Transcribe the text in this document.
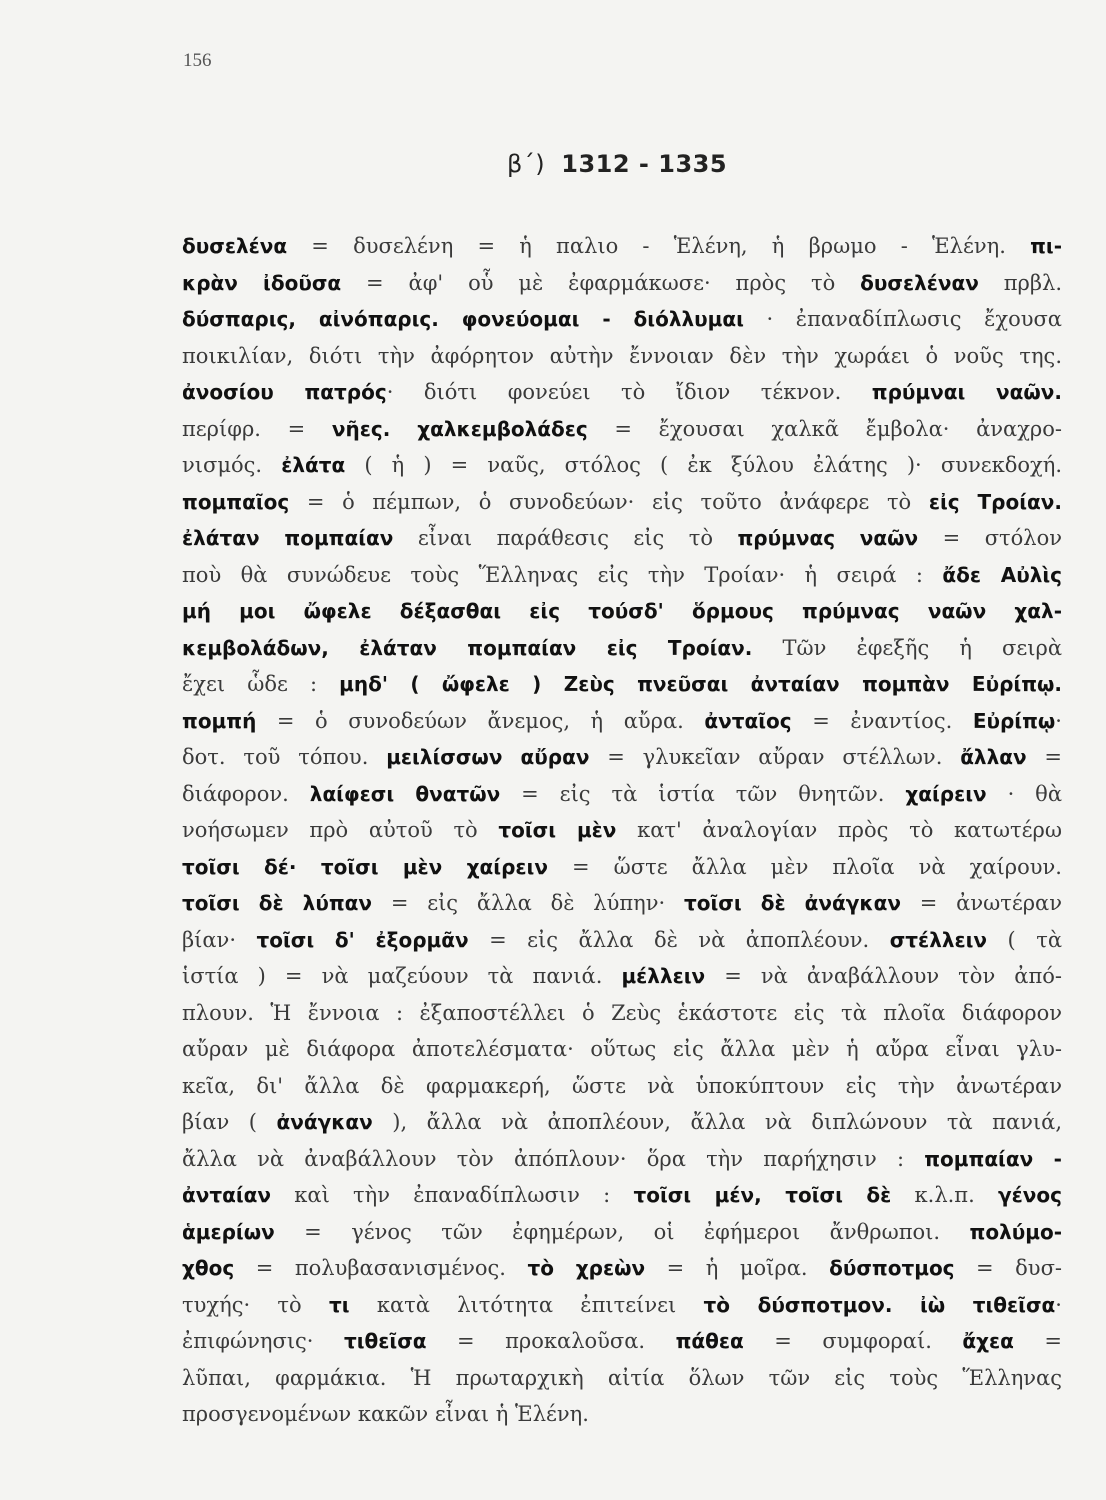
156
β΄) 1312 - 1335
δυσελένα = δυσελένη = ἡ παλιο - Ἑλένη, ἡ βρωμο - Ἑλένη. πι-
κρὰν ἰδοῦσα = ἀφ' οὗ μὲ ἐφαρμάκωσε· πρὸς τὸ δυσελέναν πρβλ.
δύσπαρις, αἰνόπαρις. φονεύομαι - διόλλυμαι · ἐπαναδίπλωσις ἔχουσα
ποικιλίαν, διότι τὴν ἀφόρητον αὐτὴν ἔννοιαν δὲν τὴν χωράει ὁ νοῦς της.
ἀνοσίου πατρός· διότι φονεύει τὸ ἴδιον τέκνον. πρύμναι ναῶν.
περίφρ. = νῆες. χαλκεμβολάδες = ἔχουσαι χαλκᾶ ἔμβολα· ἀναχρο-
νισμός. ἐλάτα ( ἡ ) = ναῦς, στόλος ( ἐκ ξύλου ἐλάτης )· συνεκδοχή.
πομπαῖος = ὁ πέμπων, ὁ συνοδεύων· εἰς τοῦτο ἀνάφερε τὸ εἰς Τροίαν.
ἐλάταν πομπαίαν εἶναι παράθεσις εἰς τὸ πρύμνας ναῶν = στόλον
ποὺ θὰ συνώδευε τοὺς Ἕλληνας εἰς τὴν Τροίαν· ἡ σειρά : ἄδε Αὐλὶς
μή μοι ὤφελε δέξασθαι εἰς τούσδ' ὅρμους πρύμνας ναῶν χαλ-
κεμβολάδων, ἐλάταν πομπαίαν εἰς Τροίαν. Τῶν ἐφεξῆς ἡ σειρὰ
ἔχει ὧδε : μηδ' ( ὤφελε ) Ζεὺς πνεῦσαι ἀνταίαν πομπὰν Εὐρίπῳ.
πομπή = ὁ συνοδεύων ἄνεμος, ἡ αὔρα. ἀνταῖος = ἐναντίος. Εὐρίπῳ·
δοτ. τοῦ τόπου. μειλίσσων αὔραν = γλυκεῖαν αὔραν στέλλων. ἄλλαν =
διάφορον. λαίφεσι θνατῶν = εἰς τὰ ἱστία τῶν θνητῶν. χαίρειν · θὰ
νοήσωμεν πρὸ αὐτοῦ τὸ τοῖσι μὲν κατ' ἀναλογίαν πρὸς τὸ κατωτέρω
τοῖσι δέ· τοῖσι μὲν χαίρειν = ὥστε ἄλλα μὲν πλοῖα νὰ χαίρουν.
τοῖσι δὲ λύπαν = εἰς ἄλλα δὲ λύπην· τοῖσι δὲ ἀνάγκαν = ἀνωτέραν
βίαν· τοῖσι δ' ἐξορμᾶν = εἰς ἄλλα δὲ νὰ ἀποπλέουν. στέλλειν ( τὰ
ἱστία ) = νὰ μαζεύουν τὰ πανιά. μέλλειν = νὰ ἀναβάλλουν τὸν ἀπό-
πλουν. Ἡ ἔννοια : ἐξαποστέλλει ὁ Ζεὺς ἑκάστοτε εἰς τὰ πλοῖα διάφορον
αὔραν μὲ διάφορα ἀποτελέσματα· οὕτως εἰς ἄλλα μὲν ἡ αὔρα εἶναι γλυ-
κεῖα, δι' ἄλλα δὲ φαρμακερή, ὥστε νὰ ὑποκύπτουν εἰς τὴν ἀνωτέραν
βίαν ( ἀνάγκαν ), ἄλλα νὰ ἀποπλέουν, ἄλλα νὰ διπλώνουν τὰ πανιά,
ἄλλα νὰ ἀναβάλλουν τὸν ἀπόπλουν· ὅρα τὴν παρήχησιν : πομπαίαν -
ἀνταίαν καὶ τὴν ἐπαναδίπλωσιν : τοῖσι μέν, τοῖσι δὲ κ.λ.π. γένος
ἁμερίων = γένος τῶν ἐφημέρων, οἱ ἐφήμεροι ἄνθρωποι. πολύμο-
χθος = πολυβασανισμένος. τὸ χρεὼν = ἡ μοῖρα. δύσποτμος = δυσ-
τυχής· τὸ τι κατὰ λιτότητα ἐπιτείνει τὸ δύσποτμον. ἰὼ τιθεῖσα·
ἐπιφώνησις· τιθεῖσα = προκαλοῦσα. πάθεα = συμφοραί. ἄχεα =
λῦπαι, φαρμάκια. Ἡ πρωταρχικὴ αἰτία ὅλων τῶν εἰς τοὺς Ἕλληνας
προσγενομένων κακῶν εἶναι ἡ Ἑλένη.
